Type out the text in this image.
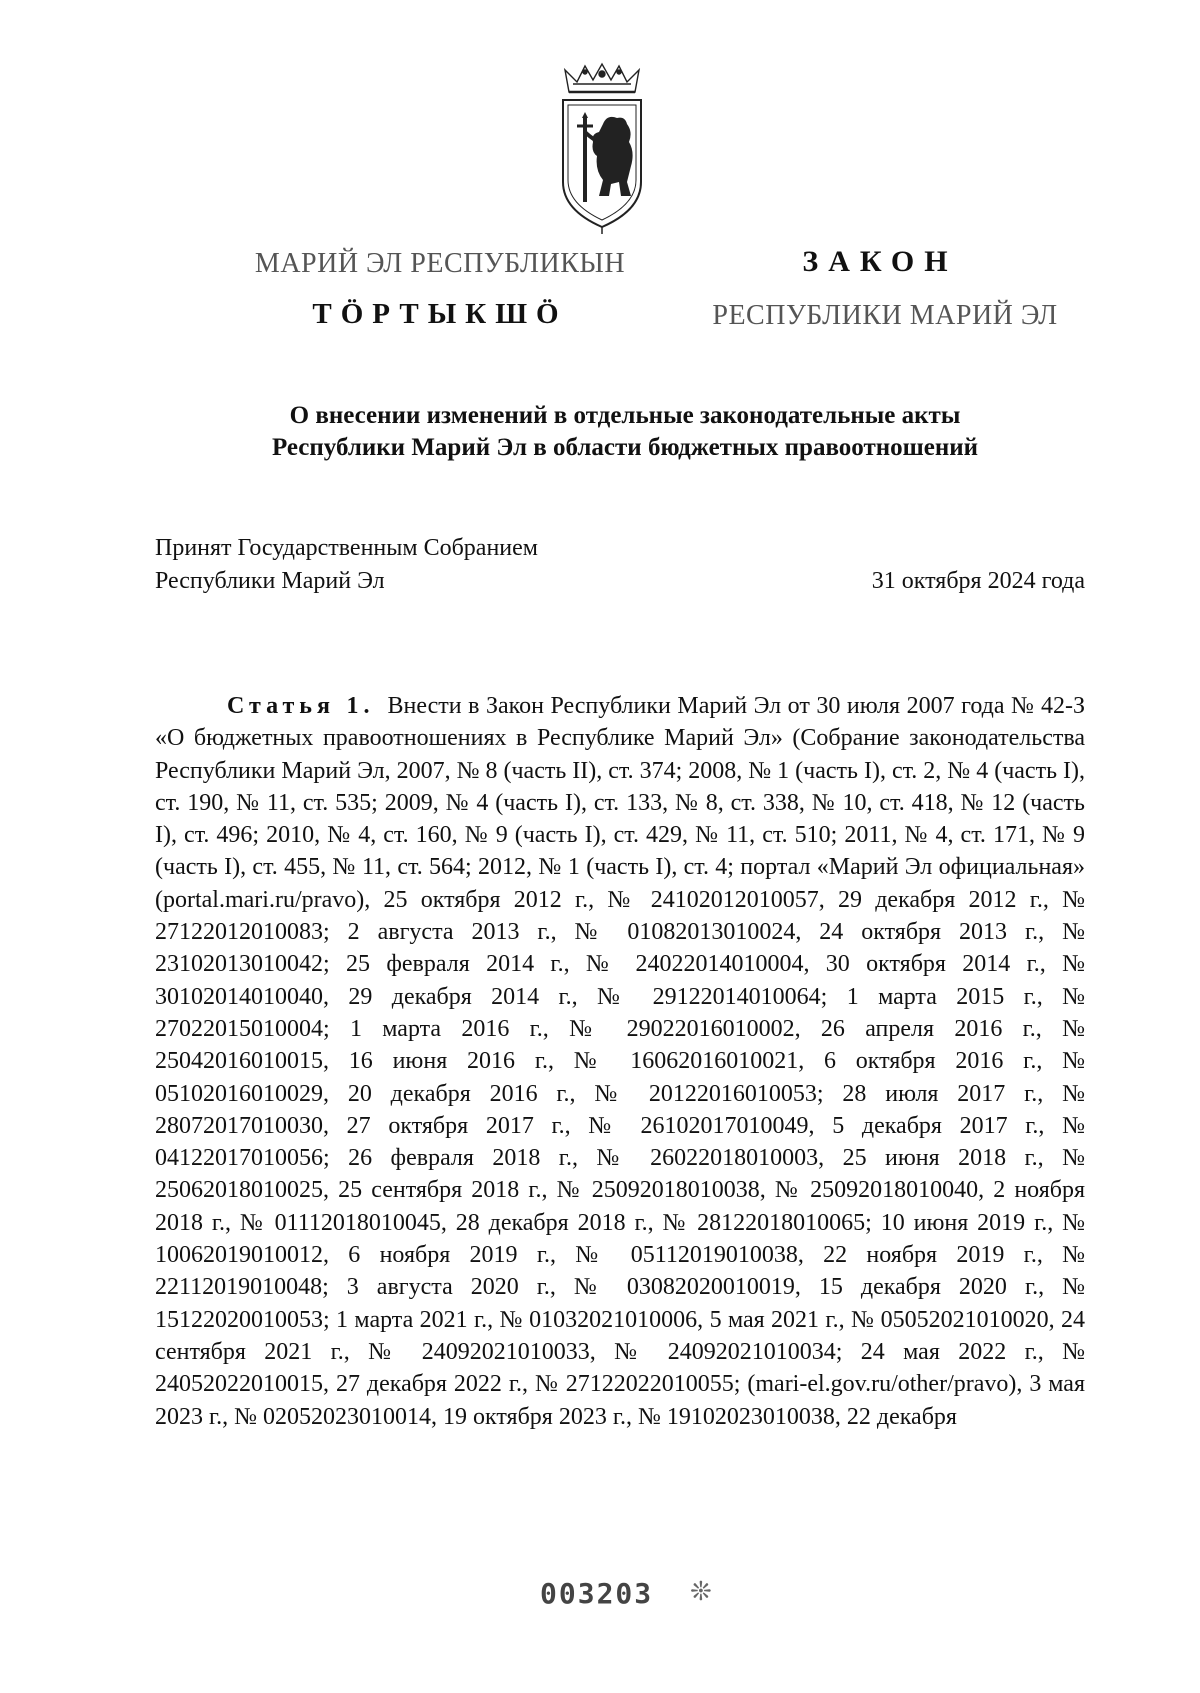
МАРИЙ ЭЛ РЕСПУБЛИКЫН
ТӦРТЫКШӦ
ЗАКОН
РЕСПУБЛИКИ МАРИЙ ЭЛ
О внесении изменений в отдельные законодательные акты
Республики Марий Эл в области бюджетных правоотношений
Принят Государственным Собранием
Республики Марий Эл	31 октября 2024 года
Статья 1. Внести в Закон Республики Марий Эл от 30 июля 2007 года № 42-З «О бюджетных правоотношениях в Республике Марий Эл» (Собрание законодательства Республики Марий Эл, 2007, № 8 (часть II), ст. 374; 2008, № 1 (часть I), ст. 2, № 4 (часть I), ст. 190, № 11, ст. 535; 2009, № 4 (часть I), ст. 133, № 8, ст. 338, № 10, ст. 418, № 12 (часть I), ст. 496; 2010, № 4, ст. 160, № 9 (часть I), ст. 429, № 11, ст. 510; 2011, № 4, ст. 171, № 9 (часть I), ст. 455, № 11, ст. 564; 2012, № 1 (часть I), ст. 4; портал «Марий Эл официальная» (portal.mari.ru/pravo), 25 октября 2012 г., № 24102012010057, 29 декабря 2012 г., № 27122012010083; 2 августа 2013 г., № 01082013010024, 24 октября 2013 г., № 23102013010042; 25 февраля 2014 г., № 24022014010004, 30 октября 2014 г., № 30102014010040, 29 декабря 2014 г., № 29122014010064; 1 марта 2015 г., № 27022015010004; 1 марта 2016 г., № 29022016010002, 26 апреля 2016 г., № 25042016010015, 16 июня 2016 г., № 16062016010021, 6 октября 2016 г., № 05102016010029, 20 декабря 2016 г., № 20122016010053; 28 июля 2017 г., № 28072017010030, 27 октября 2017 г., № 26102017010049, 5 декабря 2017 г., № 04122017010056; 26 февраля 2018 г., № 26022018010003, 25 июня 2018 г., № 25062018010025, 25 сентября 2018 г., № 25092018010038, № 25092018010040, 2 ноября 2018 г., № 01112018010045, 28 декабря 2018 г., № 28122018010065; 10 июня 2019 г., № 10062019010012, 6 ноября 2019 г., № 05112019010038, 22 ноября 2019 г., № 22112019010048; 3 августа 2020 г., № 03082020010019, 15 декабря 2020 г., № 15122020010053; 1 марта 2021 г., № 01032021010006, 5 мая 2021 г., № 05052021010020, 24 сентября 2021 г., № 24092021010033, № 24092021010034; 24 мая 2022 г., № 24052022010015, 27 декабря 2022 г., № 27122022010055; (mari-el.gov.ru/other/pravo), 3 мая 2023 г., № 02052023010014, 19 октября 2023 г., № 19102023010038, 22 декабря
003203 ❊
